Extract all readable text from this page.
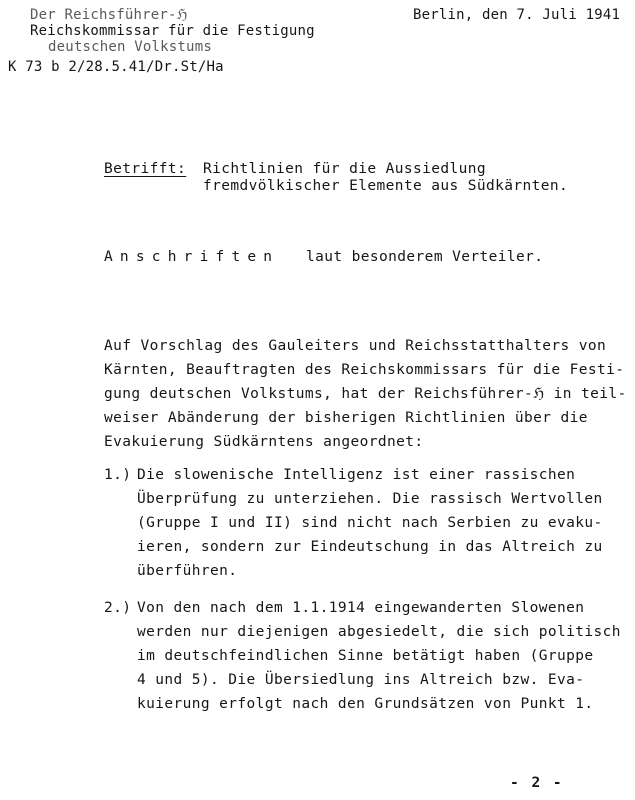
Der Reichsführer-ℌ
Reichskommissar für die Festigung
deutschen Volkstums
K 73 b 2/28.5.41/Dr.St/Ha
Berlin, den 7. Juli 1941
Betrifft: Richtlinien für die Aussiedlung
fremdvölkischer Elemente aus Südkärnten.
Anschriften laut besonderem Verteiler.
Auf Vorschlag des Gauleiters und Reichsstatthalters von
Kärnten, Beauftragten des Reichskommissars für die Festi-
gung deutschen Volkstums, hat der Reichsführer-ℌ in teil-
weiser Abänderung der bisherigen Richtlinien über die
Evakuierung Südkärntens angeordnet:
1.) Die slowenische Intelligenz ist einer rassischen
Überprüfung zu unterziehen. Die rassisch Wertvollen
(Gruppe I und II) sind nicht nach Serbien zu evaku-
ieren, sondern zur Eindeutschung in das Altreich zu
überführen.
2.) Von den nach dem 1.1.1914 eingewanderten Slowenen
werden nur diejenigen abgesiedelt, die sich politisch
im deutschfeindlichen Sinne betätigt haben (Gruppe
4 und 5). Die Übersiedlung ins Altreich bzw. Eva-
kuierung erfolgt nach den Grundsätzen von Punkt 1.
- 2 -
